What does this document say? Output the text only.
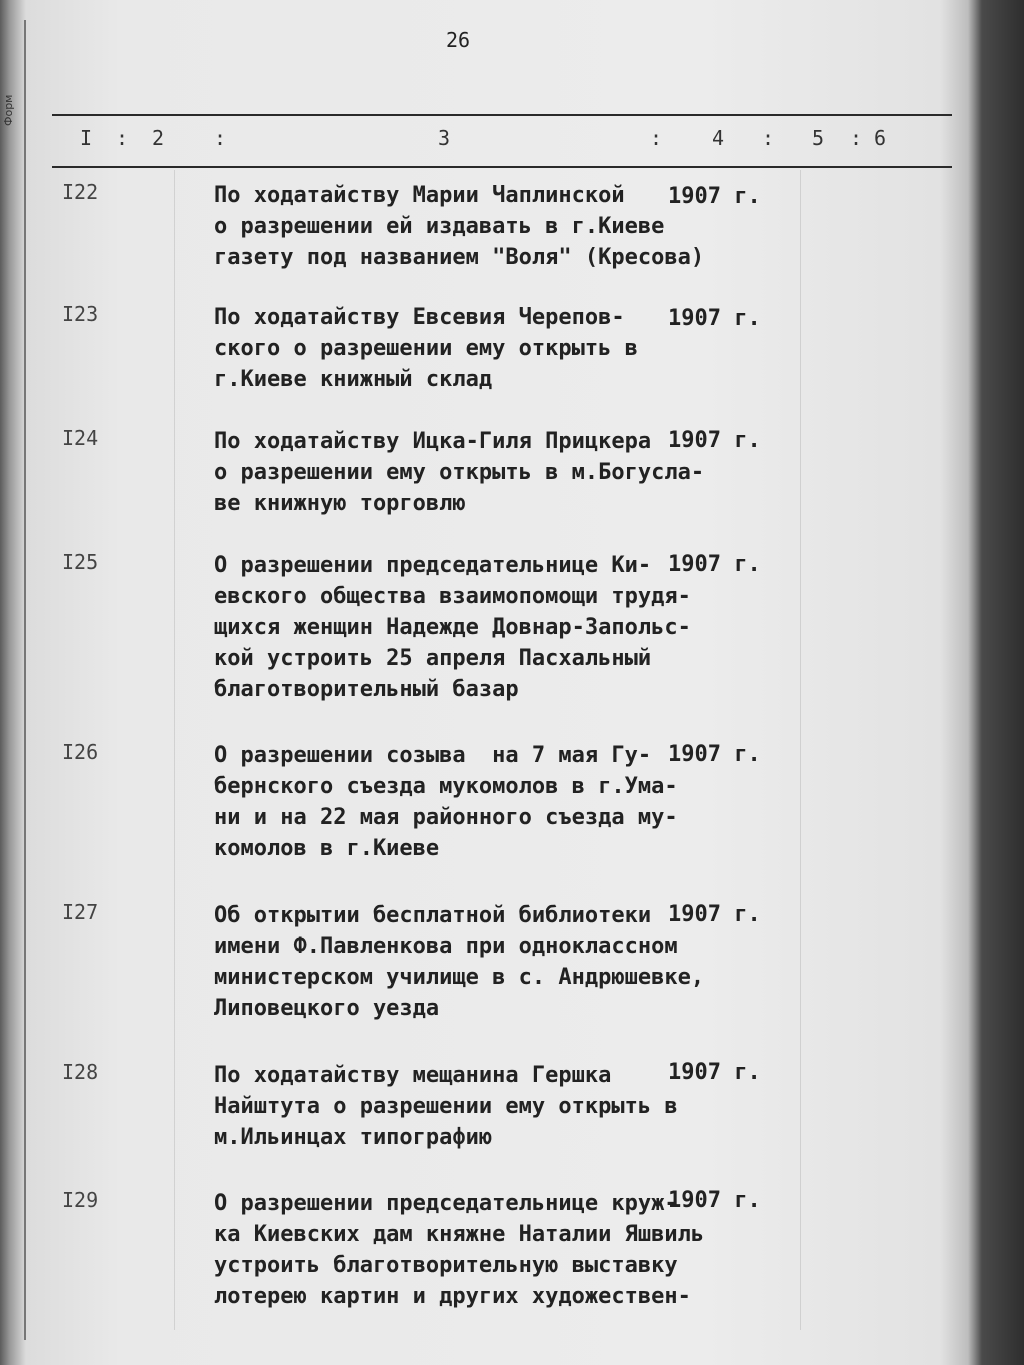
Форм
26
I : 2 :	3	: 4 : 5 : 6
I22	По ходатайству Марии Чаплинской
о разрешении ей издавать в г.Киеве
газету под названием "Воля" (Кресова)
1907 г.
I23	По ходатайству Евсевия Черепов-
ского о разрешении ему открыть в
г.Киеве книжный склад
1907 г.
I24	По ходатайству Ицка-Гиля Прицкера
о разрешении ему открыть в м.Богусла-
ве книжную торговлю
1907 г.
I25	О разрешении председательнице Ки-
евского общества взаимопомощи трудя-
щихся женщин Надежде Довнар-Запольс-
кой устроить 25 апреля Пасхальный
благотворительный базар
1907 г.
I26	О разрешении созыва  на 7 мая Гу-
бернского съезда мукомолов в г.Ума-
ни и на 22 мая районного съезда му-
комолов в г.Киеве
1907 г.
I27	Об открытии бесплатной библиотеки
имени Ф.Павленкова при одноклассном
министерском училище в с. Андрюшевке,
Липовецкого уезда
1907 г.
I28	По ходатайству мещанина Гершка
Найштута о разрешении ему открыть в
м.Ильинцах типографию
1907 г.
I29	О разрешении председательнице круж-
ка Киевских дам княжне Наталии Яшвиль
устроить благотворительную выставку
лотерею картин и других художествен-
1907 г.
